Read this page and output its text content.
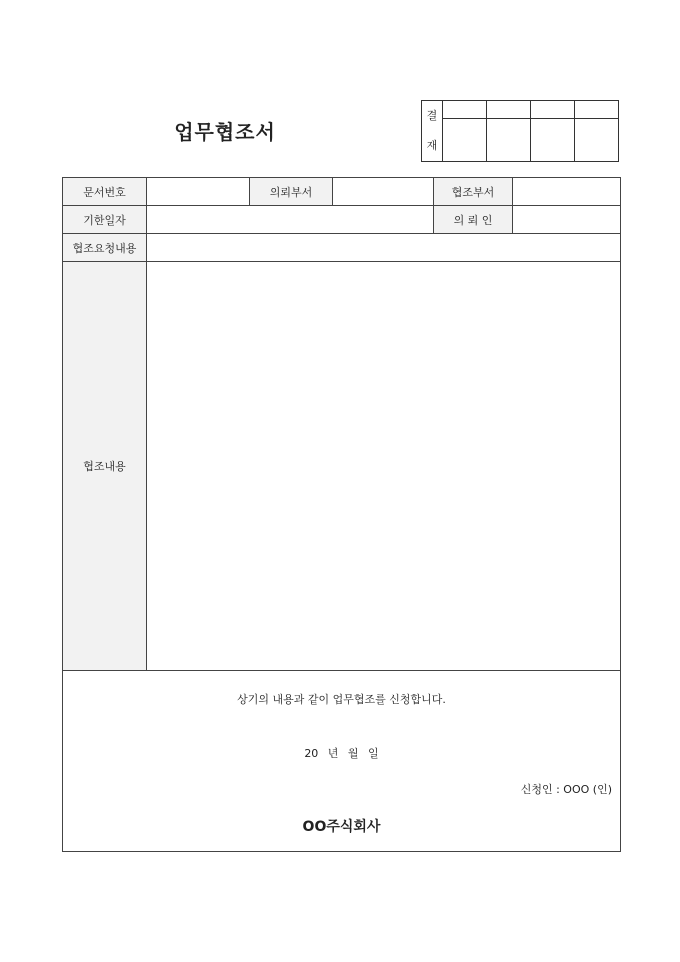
업무협조서
결
재				

문서번호		의뢰부서		협조부서	
기한일자				의 뢰 인	
협조요청내용					
협조내용					

상기의 내용과 같이 업무협조를 신청합니다.
20 년 월 일
신청인 : OOO (인)
OO주식회사					
